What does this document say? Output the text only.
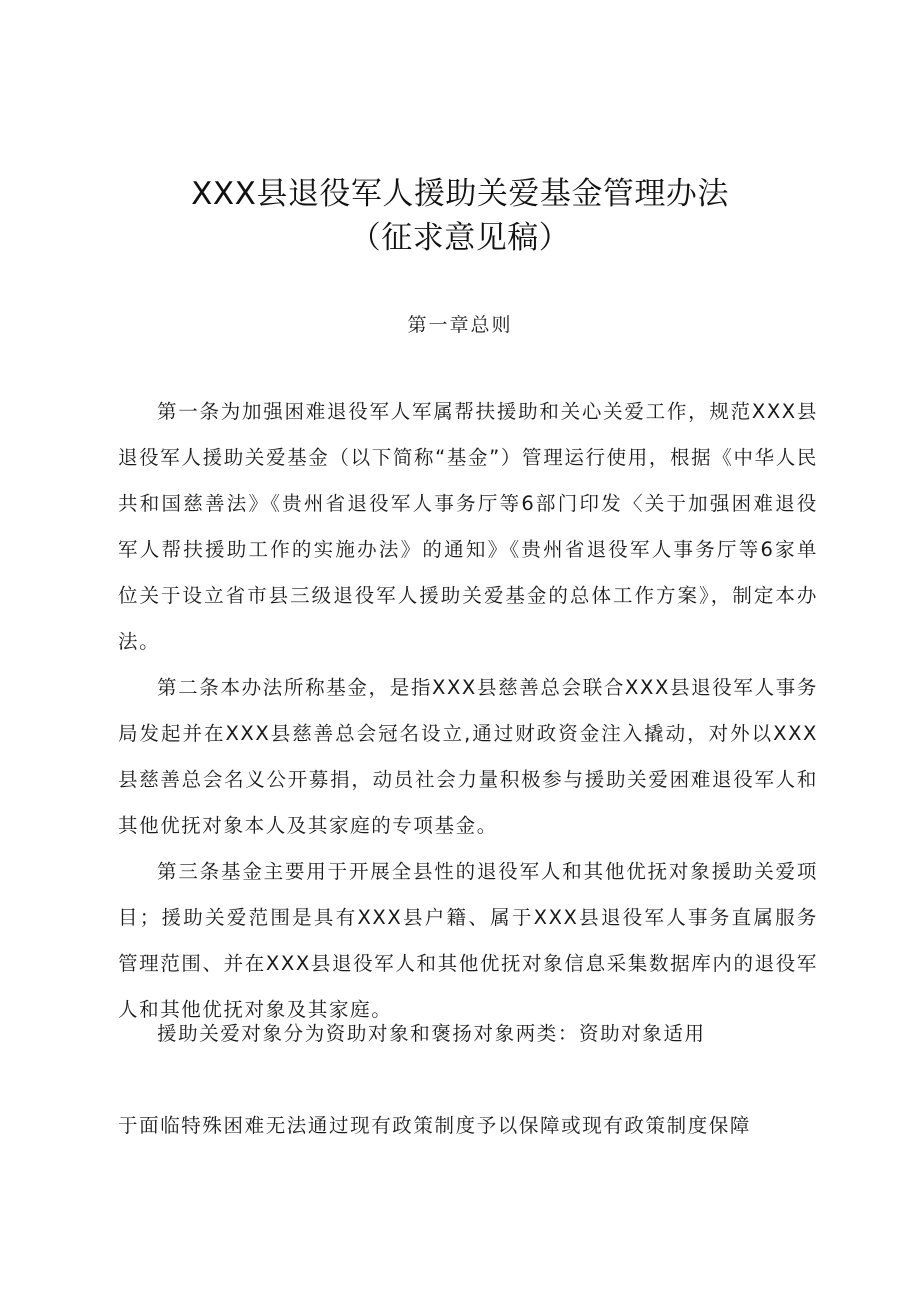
XXX县退役军人援助关爱基金管理办法
（征求意见稿）
第一章总则

第一条为加强困难退役军人军属帮扶援助和关心关爱工作，规范XXX县退役军人援助关爱基金（以下简称“基金”）管理运行使用，根据《中华人民共和国慈善法》《贵州省退役军人事务厅等6部门印发〈关于加强困难退役军人帮扶援助工作的实施办法》的通知》《贵州省退役军人事务厅等6家单位关于设立省市县三级退役军人援助关爱基金的总体工作方案》，制定本办法。

第二条本办法所称基金，是指XXX县慈善总会联合XXX县退役军人事务局发起并在XXX县慈善总会冠名设立,通过财政资金注入撬动，对外以XXX县慈善总会名义公开募捐，动员社会力量积极参与援助关爱困难退役军人和其他优抚对象本人及其家庭的专项基金。

第三条基金主要用于开展全县性的退役军人和其他优抚对象援助关爱项目；援助关爱范围是具有XXX县户籍、属于XXX县退役军人事务直属服务管理范围、并在XXX县退役军人和其他优抚对象信息采集数据库内的退役军人和其他优抚对象及其家庭。

援助关爱对象分为资助对象和褒扬对象两类：资助对象适用

于面临特殊困难无法通过现有政策制度予以保障或现有政策制度保障
